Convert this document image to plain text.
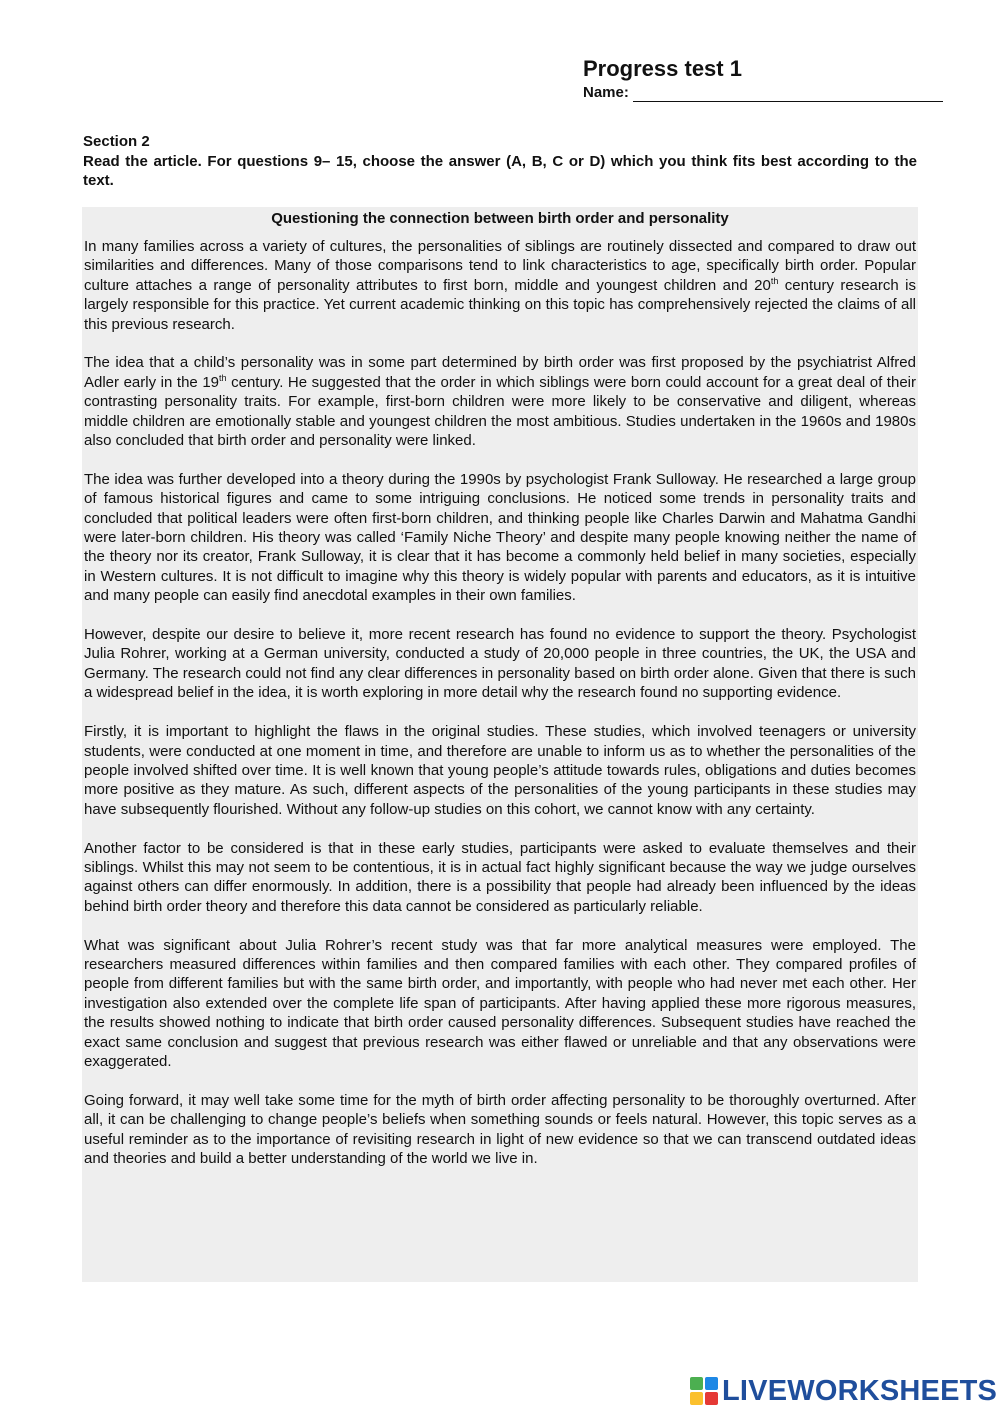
Progress test 1
Name:
Section 2
Read the article. For questions 9– 15, choose the answer (A, B, C or D) which you think fits best according to the text.
Questioning the connection between birth order and personality

In many families across a variety of cultures, the personalities of siblings are routinely dissected and compared to draw out similarities and differences. Many of those comparisons tend to link characteristics to age, specifically birth order. Popular culture attaches a range of personality attributes to first born, middle and youngest children and 20th century research is largely responsible for this practice. Yet current academic thinking on this topic has comprehensively rejected the claims of all this previous research.

The idea that a child’s personality was in some part determined by birth order was first proposed by the psychiatrist Alfred Adler early in the 19th century. He suggested that the order in which siblings were born could account for a great deal of their contrasting personality traits. For example, first-born children were more likely to be conservative and diligent, whereas middle children are emotionally stable and youngest children the most ambitious. Studies undertaken in the 1960s and 1980s also concluded that birth order and personality were linked.

The idea was further developed into a theory during the 1990s by psychologist Frank Sulloway. He researched a large group of famous historical figures and came to some intriguing conclusions. He noticed some trends in personality traits and concluded that political leaders were often first-born children, and thinking people like Charles Darwin and Mahatma Gandhi were later-born children. His theory was called ‘Family Niche Theory’ and despite many people knowing neither the name of the theory nor its creator, Frank Sulloway, it is clear that it has become a commonly held belief in many societies, especially in Western cultures. It is not difficult to imagine why this theory is widely popular with parents and educators, as it is intuitive and many people can easily find anecdotal examples in their own families.

However, despite our desire to believe it, more recent research has found no evidence to support the theory. Psychologist Julia Rohrer, working at a German university, conducted a study of 20,000 people in three countries, the UK, the USA and Germany. The research could not find any clear differences in personality based on birth order alone. Given that there is such a widespread belief in the idea, it is worth exploring in more detail why the research found no supporting evidence.

Firstly, it is important to highlight the flaws in the original studies. These studies, which involved teenagers or university students, were conducted at one moment in time, and therefore are unable to inform us as to whether the personalities of the people involved shifted over time. It is well known that young people’s attitude towards rules, obligations and duties becomes more positive as they mature. As such, different aspects of the personalities of the young participants in these studies may have subsequently flourished. Without any follow-up studies on this cohort, we cannot know with any certainty.

Another factor to be considered is that in these early studies, participants were asked to evaluate themselves and their siblings. Whilst this may not seem to be contentious, it is in actual fact highly significant because the way we judge ourselves against others can differ enormously. In addition, there is a possibility that people had already been influenced by the ideas behind birth order theory and therefore this data cannot be considered as particularly reliable.

What was significant about Julia Rohrer’s recent study was that far more analytical measures were employed. The researchers measured differences within families and then compared families with each other. They compared profiles of people from different families but with the same birth order, and importantly, with people who had never met each other. Her investigation also extended over the complete life span of participants. After having applied these more rigorous measures, the results showed nothing to indicate that birth order caused personality differences. Subsequent studies have reached the exact same conclusion and suggest that previous research was either flawed or unreliable and that any observations were exaggerated.

Going forward, it may well take some time for the myth of birth order affecting personality to be thoroughly overturned. After all, it can be challenging to change people’s beliefs when something sounds or feels natural. However, this topic serves as a useful reminder as to the importance of revisiting research in light of new evidence so that we can transcend outdated ideas and theories and build a better understanding of the world we live in.

LIVEWORKSHEETS
